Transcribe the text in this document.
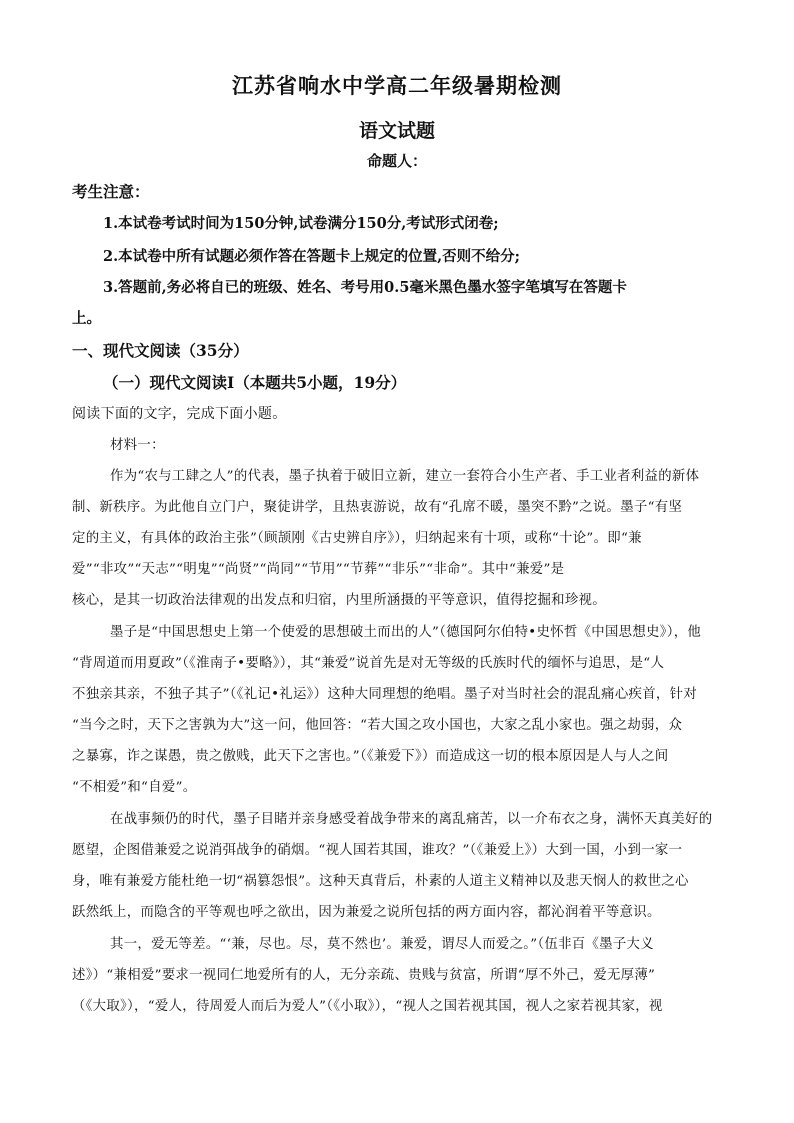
江苏省响水中学高二年级暑期检测
语文试题
命题人：
考生注意：
1.本试卷考试时间为150分钟,试卷满分150分,考试形式闭卷;
2.本试卷中所有试题必须作答在答题卡上规定的位置,否则不给分;
3.答题前,务必将自已的班级、姓名、考号用0.5毫米黑色墨水签字笔填写在答题卡
上。
一、现代文阅读（35分）
（一）现代文阅读Ⅰ（本题共5小题，19分）
阅读下面的文字，完成下面小题。
材料一：
作为“农与工肆之人”的代表，墨子执着于破旧立新，建立一套符合小生产者、手工业者利益的新体
制、新秩序。为此他自立门户，聚徒讲学，且热衷游说，故有“孔席不暖，墨突不黔”之说。墨子“有坚
定的主义，有具体的政治主张”（顾颉刚《古史辨自序》），归纳起来有十项，或称“十论”。即“兼
爱”“非攻”“天志”“明鬼”“尚贤”“尚同”“节用”“节葬”“非乐”“非命”。其中“兼爱”是
核心，是其一切政治法律观的出发点和归宿，内里所涵摄的平等意识，值得挖掘和珍视。
墨子是“中国思想史上第一个使爱的思想破土而出的人”（德国阿尔伯特•史怀哲《中国思想史》），他
“背周道而用夏政”（《淮南子•要略》），其“兼爱”说首先是对无等级的氏族时代的缅怀与追思，是“人
不独亲其亲，不独子其子”（《礼记•礼运》）这种大同理想的绝唱。墨子对当时社会的混乱痛心疾首，针对
“当今之时，天下之害孰为大”这一问，他回答：“若大国之攻小国也，大家之乱小家也。强之劫弱，众
之暴寡，诈之谋愚，贵之傲贱，此天下之害也。”（《兼爱下》）而造成这一切的根本原因是人与人之间
“不相爱”和“自爱”。
在战事频仍的时代，墨子目睹并亲身感受着战争带来的离乱痛苦，以一介布衣之身，满怀天真美好的
愿望，企图借兼爱之说消弭战争的硝烟。“视人国若其国，谁攻？”（《兼爱上》）大到一国，小到一家一
身，唯有兼爱方能杜绝一切“祸篡怨恨”。这种天真背后，朴素的人道主义精神以及悲天悯人的救世之心
跃然纸上，而隐含的平等观也呼之欲出，因为兼爱之说所包括的两方面内容，都沁润着平等意识。
其一，爱无等差。“‘兼，尽也。尽，莫不然也’。兼爱，谓尽人而爱之。”（伍非百《墨子大义
述》）“兼相爱”要求一视同仁地爱所有的人，无分亲疏、贵贱与贫富，所谓“厚不外己，爱无厚薄”
（《大取》），“爱人，待周爱人而后为爱人”（《小取》），“视人之国若视其国，视人之家若视其家，视
